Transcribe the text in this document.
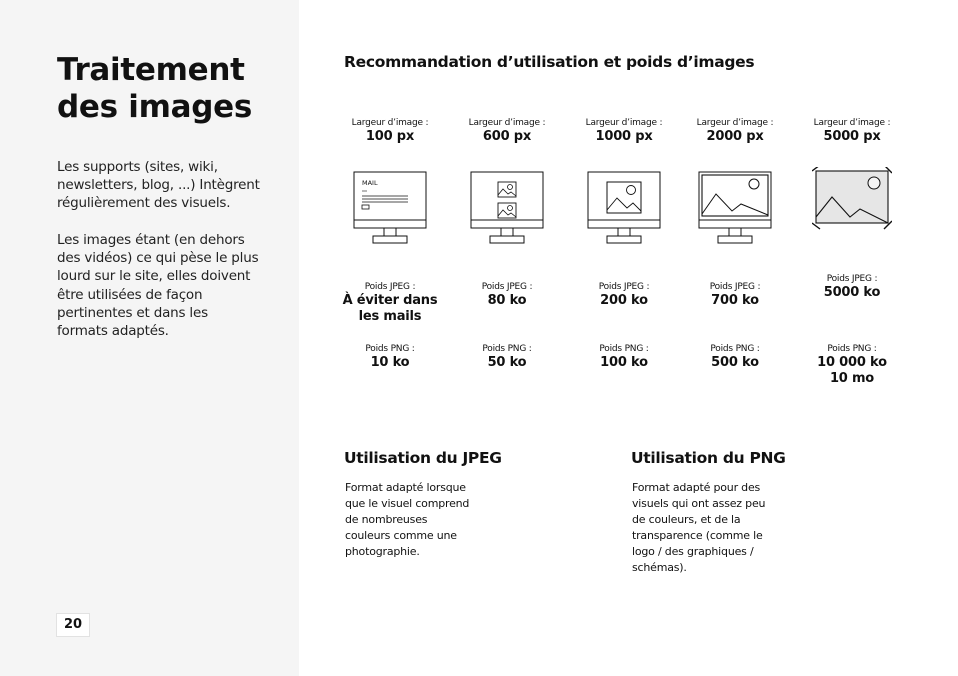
Traitement des images

Les supports (sites, wiki, newsletters, blog, ...) Intègrent régulièrement des visuels.

Les images étant (en dehors des vidéos) ce qui pèse le plus lourd sur le site, elles doivent être utilisées de façon pertinentes et dans les formats adaptés.

20
Recommandation d’utilisation et poids d’images
Largeur d’image :
100 px
MAIL
Poids JPEG :
À éviter dans les mails
Poids PNG :
10 ko
Largeur d’image :
600 px
Poids JPEG :
80 ko
Poids PNG :
50 ko
Largeur d’image :
1000 px
Poids JPEG :
200 ko
Poids PNG :
100 ko
Largeur d’image :
2000 px
Poids JPEG :
700 ko
Poids PNG :
500 ko
Largeur d’image :
5000 px
Poids JPEG :
5000 ko
Poids PNG :
10 000 ko 10 mo
Utilisation du JPEG

Format adapté lorsque que le visuel comprend de nombreuses couleurs comme une photographie.

Utilisation du PNG

Format adapté pour des visuels qui ont assez peu de couleurs, et de la transparence (comme le logo / des graphiques / schémas).
